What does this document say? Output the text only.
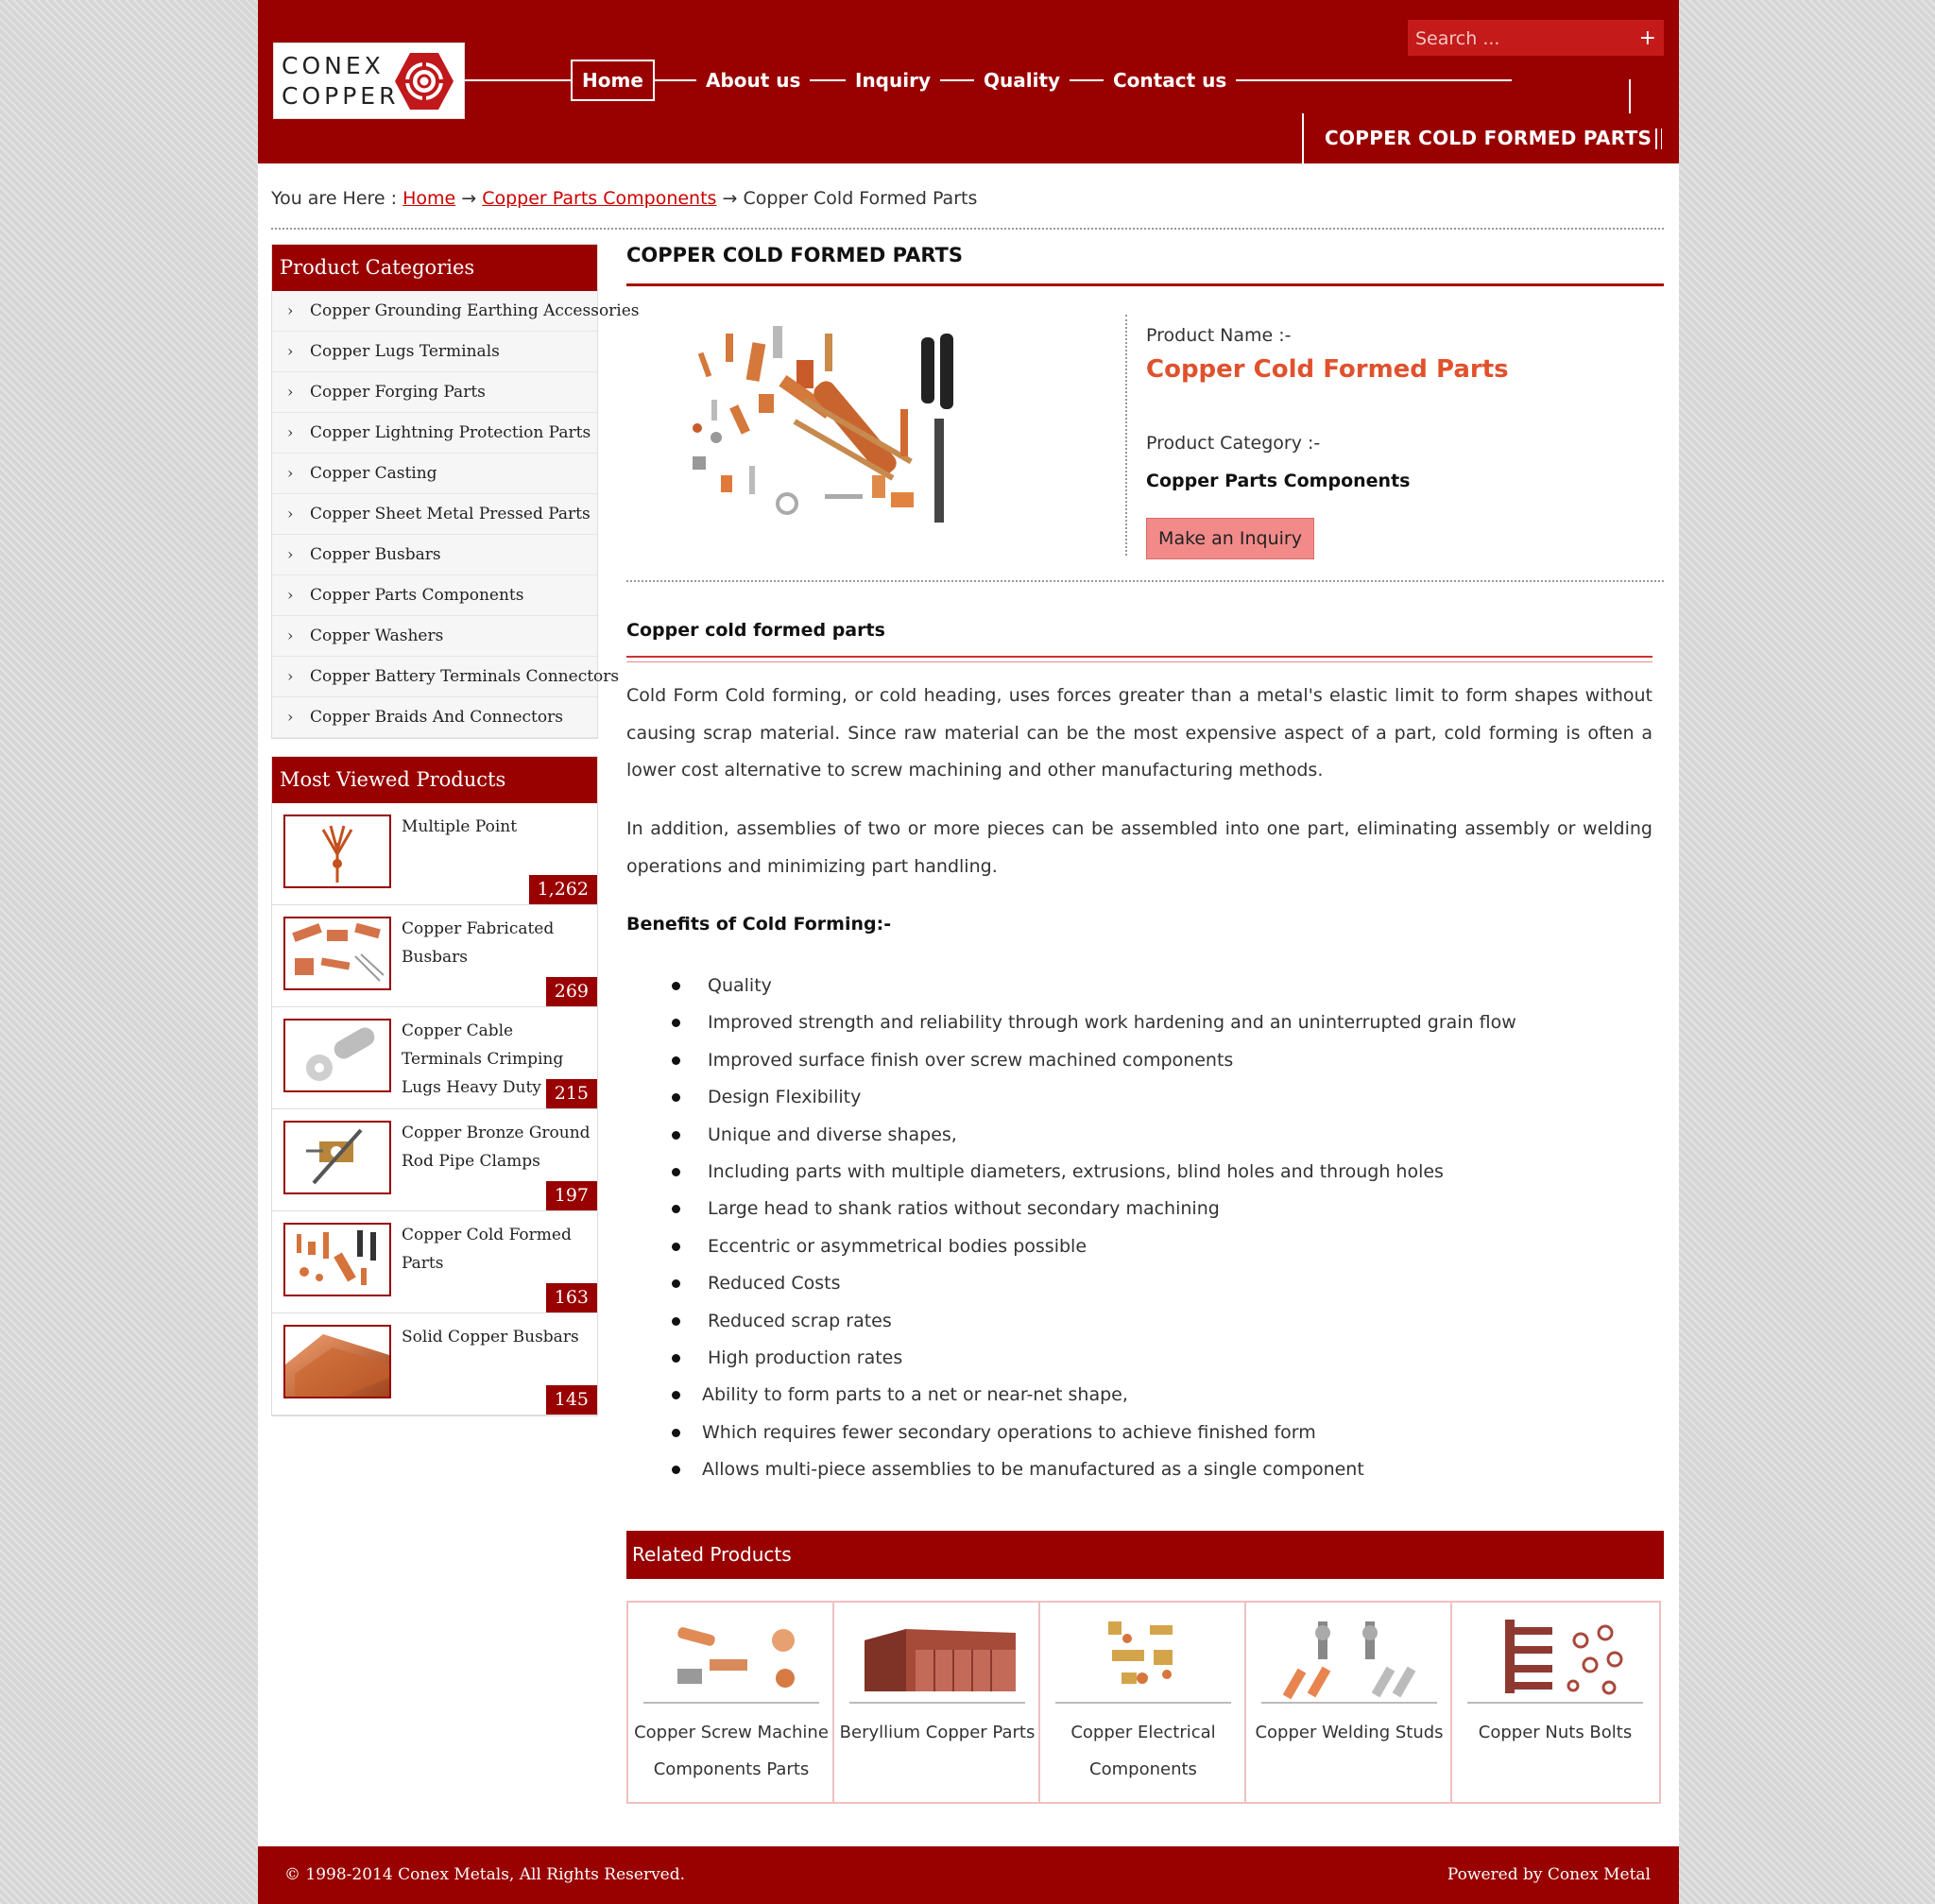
CONEX
COPPER
Home	About us	Inquiry	Quality	Contact us
Search ...
+
COPPER COLD FORMED PARTS
You are Here : Home → Copper Parts Components → Copper Cold Formed Parts
Product Categories
› Copper Grounding Earthing Accessories
› Copper Lugs Terminals
› Copper Forging Parts
› Copper Lightning Protection Parts
› Copper Casting
› Copper Sheet Metal Pressed Parts
› Copper Busbars
› Copper Parts Components
› Copper Washers
› Copper Battery Terminals Connectors
› Copper Braids And Connectors
Most Viewed Products
Multiple Point
1,262
Copper Fabricated Busbars
269
Copper Cable Terminals Crimping Lugs Heavy Duty 215
Copper Bronze Ground Rod Pipe Clamps
197
Copper Cold Formed Parts
163
Solid Copper Busbars
145
COPPER COLD FORMED PARTS
Product Name :-
Copper Cold Formed Parts
Product Category :-
Copper Parts Components
Make an Inquiry
Copper cold formed parts
Cold Form Cold forming, or cold heading, uses forces greater than a metal's elastic limit to form shapes without causing scrap material. Since raw material can be the most expensive aspect of a part, cold forming is often a lower cost alternative to screw machining and other manufacturing methods.
In addition, assemblies of two or more pieces can be assembled into one part, eliminating assembly or welding operations and minimizing part handling.
Benefits of Cold Forming:-
Quality
Improved strength and reliability through work hardening and an uninterrupted grain flow
Improved surface finish over screw machined components
Design Flexibility
Unique and diverse shapes,
Including parts with multiple diameters, extrusions, blind holes and through holes
Large head to shank ratios without secondary machining
Eccentric or asymmetrical bodies possible
Reduced Costs
Reduced scrap rates
High production rates
Ability to form parts to a net or near-net shape,
Which requires fewer secondary operations to achieve finished form
Allows multi-piece assemblies to be manufactured as a single component
Related Products
Copper Screw Machine
Components Parts
Beryllium Copper Parts	Copper Electrical
Components
Copper Welding Studs	Copper Nuts Bolts
© 1998-2014 Conex Metals, All Rights Reserved.	Powered by Conex Metal
